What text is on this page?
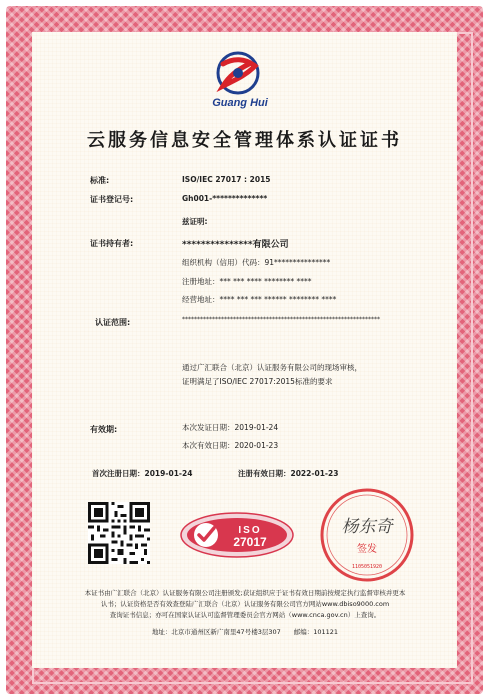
Guang Hui
云服务信息安全管理体系认证证书
标准:	ISO/IEC 27017 : 2015
证书登记号:	Gh001-**************
兹证明:
证书持有者:	***************有限公司
组织机构（信用）代码：91***************
注册地址：*** *** **** ******** ****
经营地址：**** *** *** ****** ******** ****
认证范围:	******************************************************************
通过广汇联合（北京）认证服务有限公司的现场审核，
证明满足了ISO/IEC 27017:2015标准的要求
有效期:	本次发证日期：2019-01-24
本次有效日期：2020-01-23
首次注册日期：2019-01-24	注册有效日期：2022-01-23
ISO
27017
杨东奇
签发
1105051920
本证书由广汇联合（北京）认证服务有限公司注册颁发;获证组织应于证书有效日期前按规定执行监督审核并更本
认书；认证资格是否有效查登陆广汇联合（北京）认证服务有限公司官方网站www.dbiso9000.com
查询证书信息；亦可在国家认证认可监督管理委员会官方网站（www.cnca.gov.cn）上查询。
地址：北京市通州区新广南里47号楼3层307　　邮编：101121
